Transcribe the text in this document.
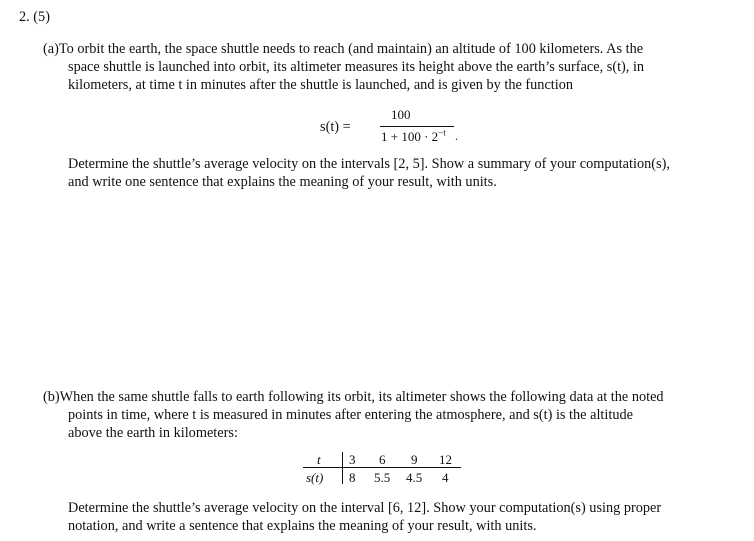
2. (5)
(a)To orbit the earth, the space shuttle needs to reach (and maintain) an altitude of 100 kilometers. As the
space shuttle is launched into orbit, its altimeter measures its height above the earth’s surface, s(t), in
kilometers, at time t in minutes after the shuttle is launched, and is given by the function
s(t) =
100
$1 + 100 \cdot 2^{-t}$ .
Determine the shuttle’s average velocity on the intervals [2, 5]. Show a summary of your computation(s),
and write one sentence that explains the meaning of your result, with units.
(b)When the same shuttle falls to earth following its orbit, its altimeter shows the following data at the noted
points in time, where t is measured in minutes after entering the atmosphere, and s(t) is the altitude
above the earth in kilometers:
t
s(t)
3 6 9 12
8 5.5 4.5 4
Determine the shuttle’s average velocity on the interval [6, 12]. Show your computation(s) using proper
notation, and write a sentence that explains the meaning of your result, with units.
